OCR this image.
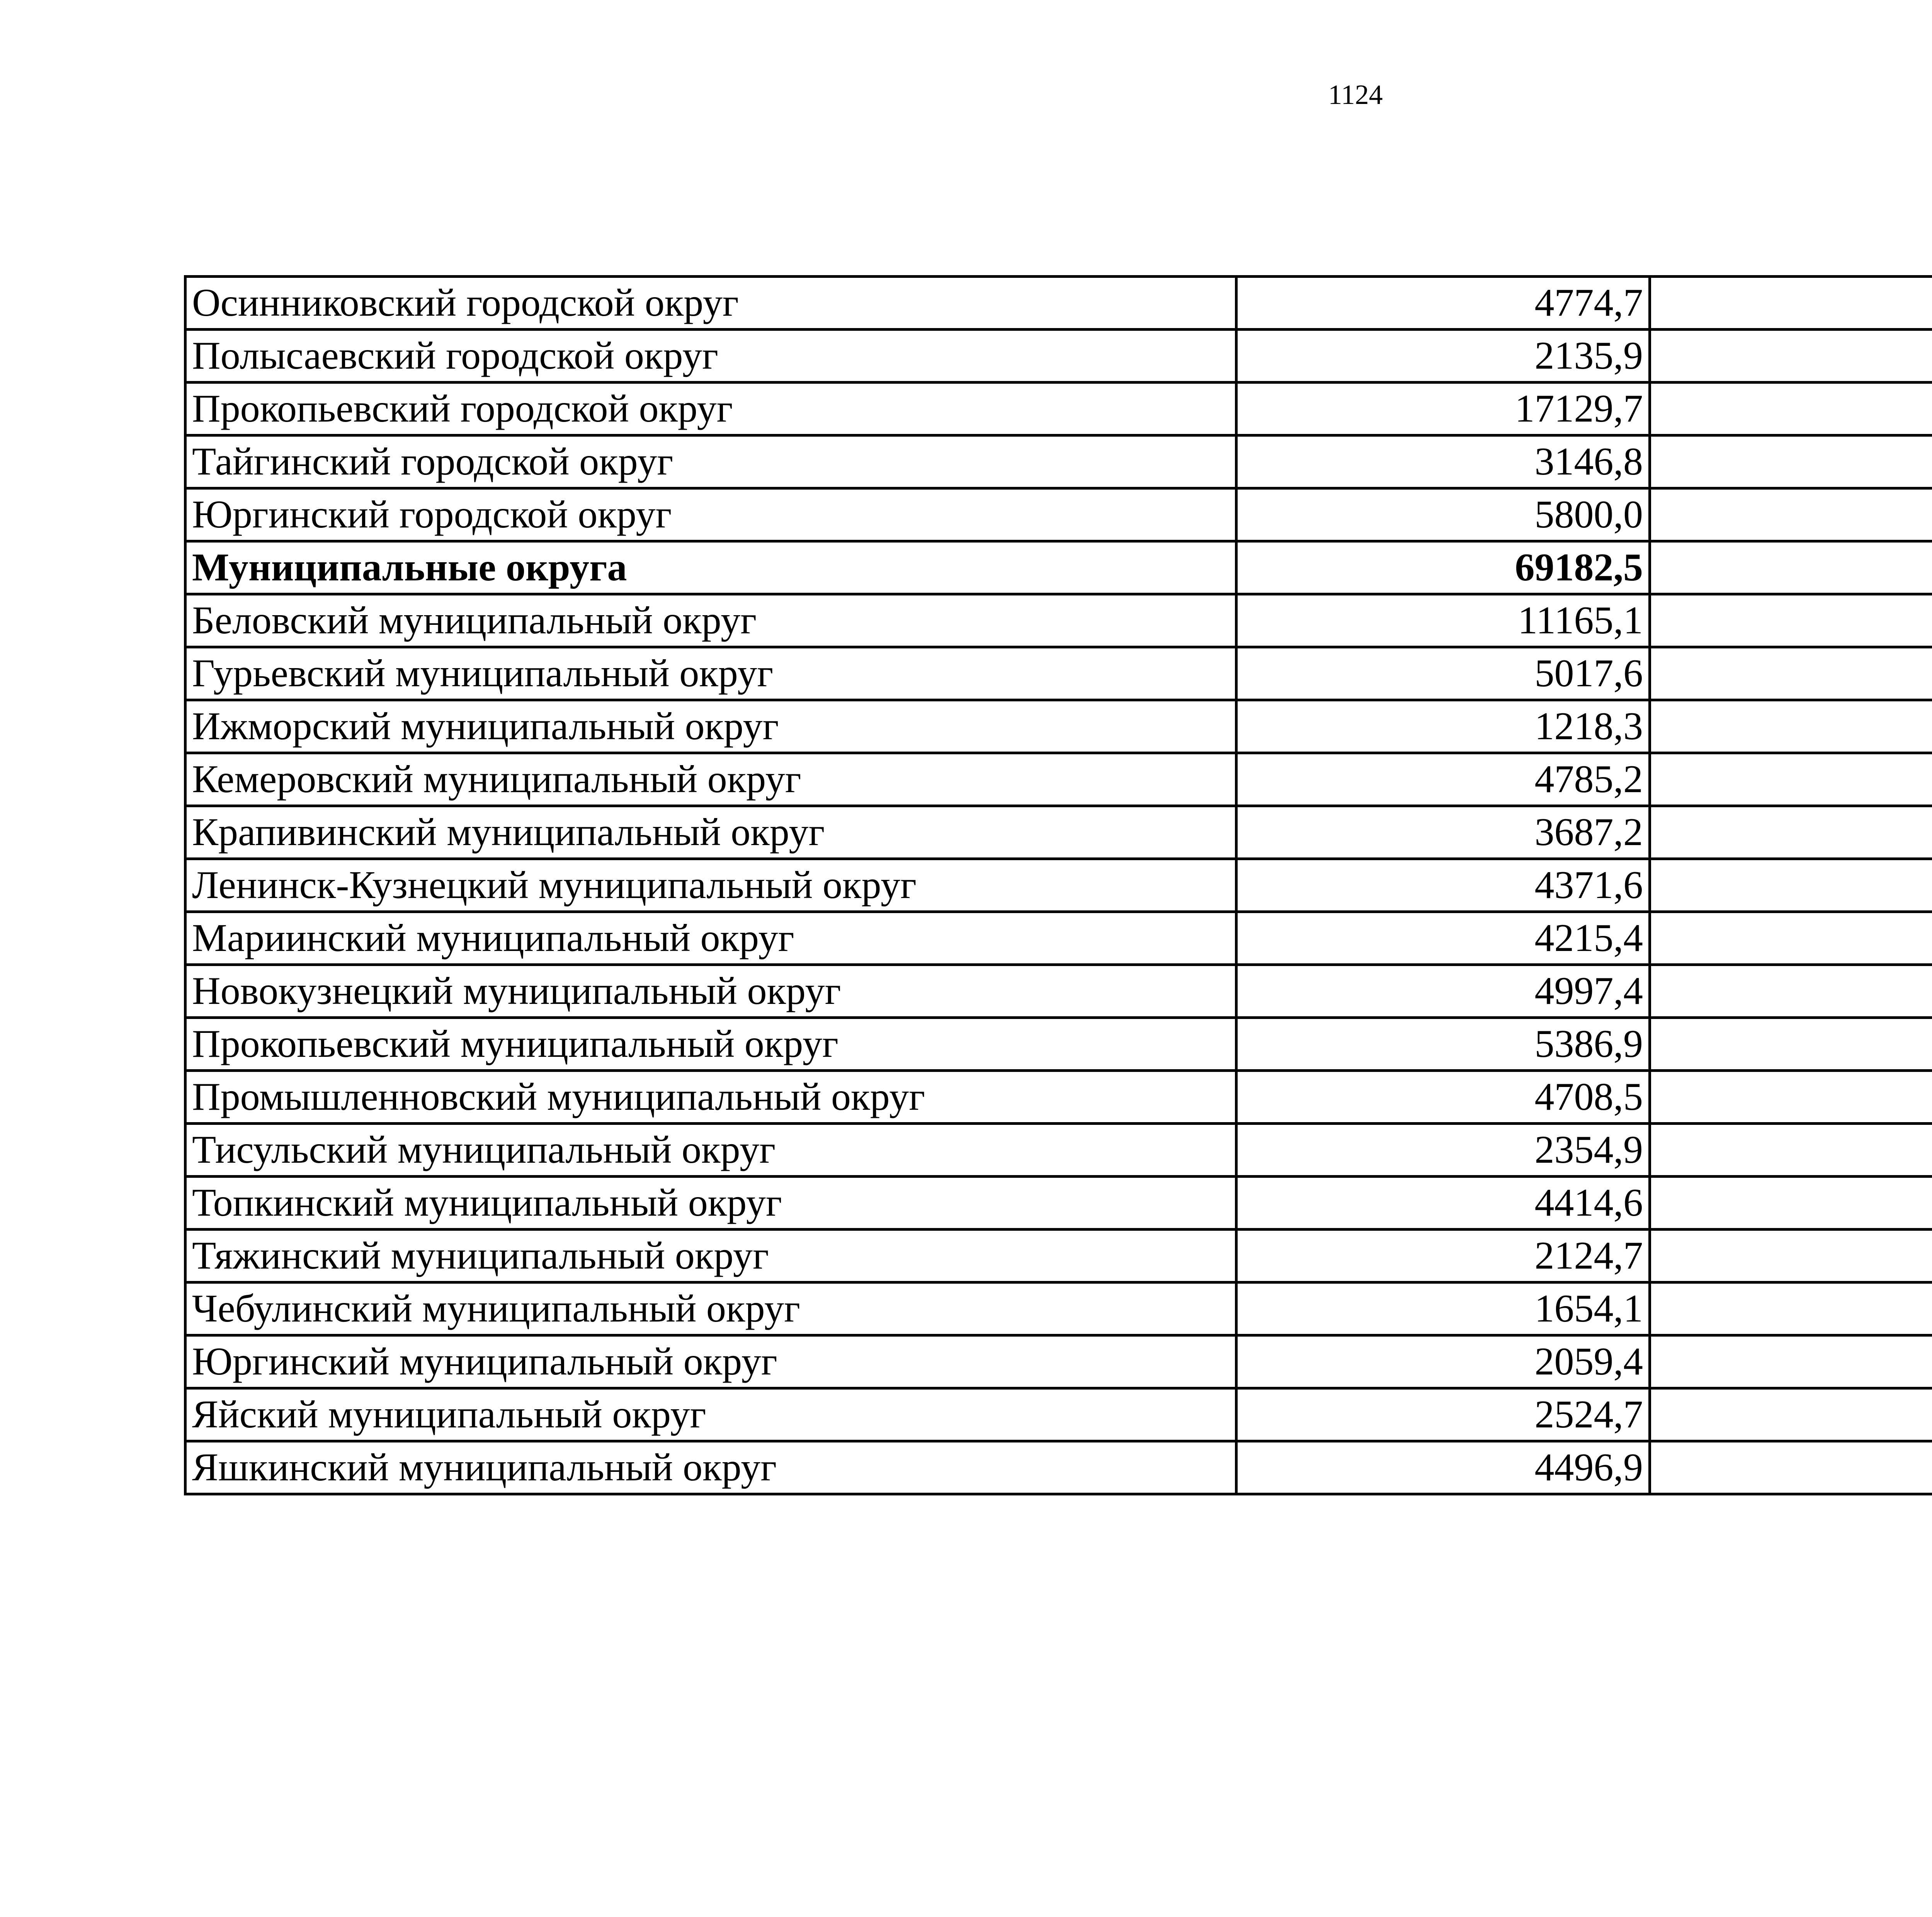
1124
Осинниковский городской округ	4774,7		
Полысаевский городской округ	2135,9		
Прокопьевский городской округ	17129,7		
Тайгинский городской округ	3146,8		
Юргинский городской округ	5800,0		
Муниципальные округа	69182,5		
Беловский муниципальный округ	11165,1		
Гурьевский муниципальный округ	5017,6		
Ижморский муниципальный округ	1218,3		
Кемеровский муниципальный округ	4785,2		
Крапивинский муниципальный округ	3687,2		
Ленинск-Кузнецкий муниципальный округ	4371,6		
Мариинский муниципальный округ	4215,4		
Новокузнецкий муниципальный округ	4997,4		
Прокопьевский муниципальный округ	5386,9		
Промышленновский муниципальный округ	4708,5		
Тисульский муниципальный округ	2354,9		
Топкинский муниципальный округ	4414,6		
Тяжинский муниципальный округ	2124,7		
Чебулинский муниципальный округ	1654,1		
Юргинский муниципальный округ	2059,4		
Яйский муниципальный округ	2524,7		
Яшкинский муниципальный округ	4496,9		
